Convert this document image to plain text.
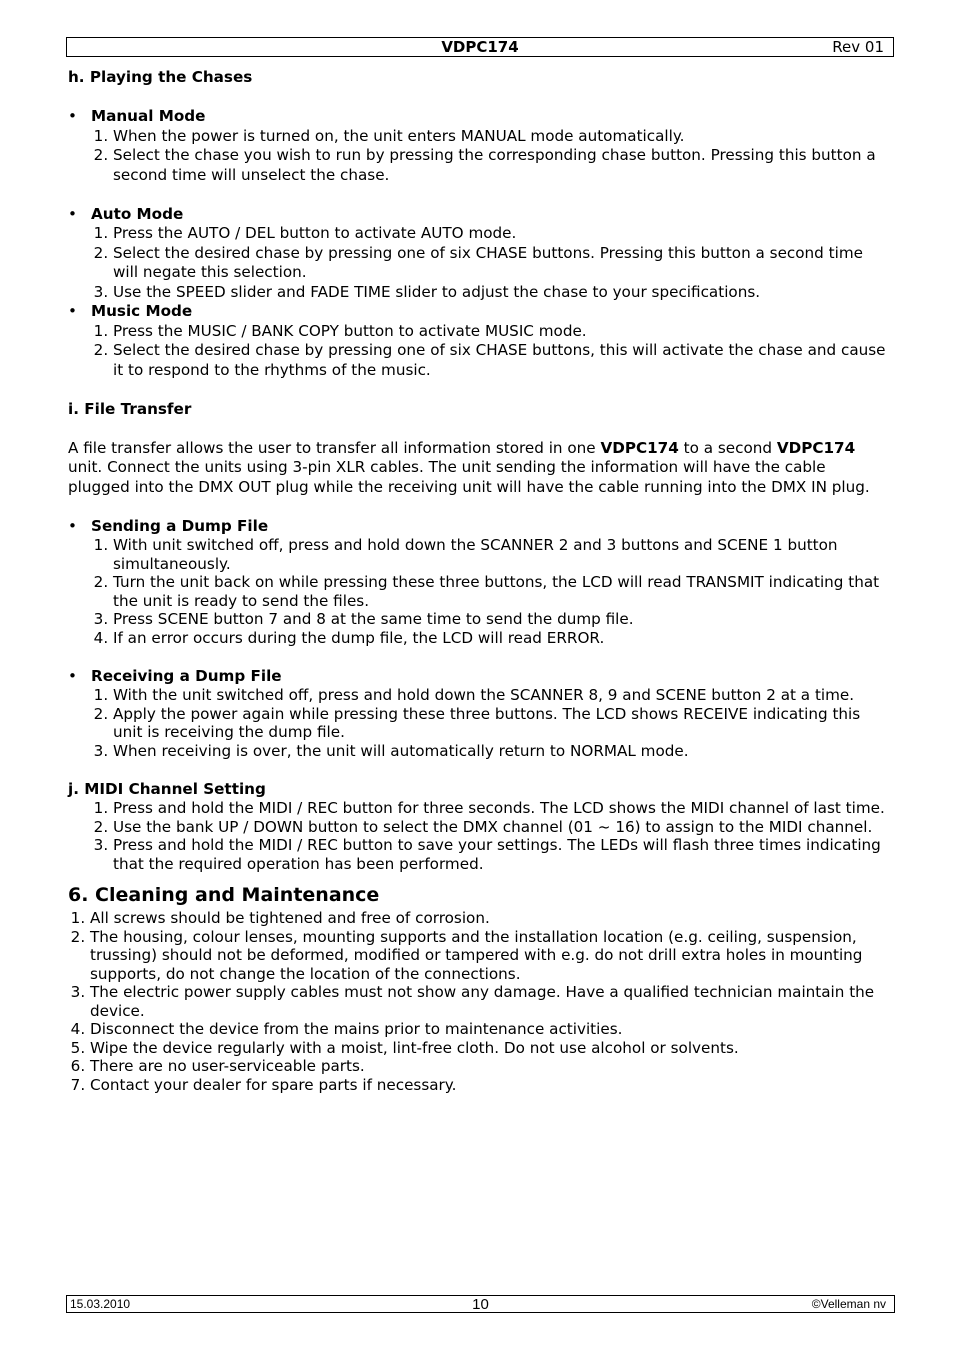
VDPC174	Rev 01
h. Playing the Chases
• Manual Mode
1. When the power is turned on, the unit enters MANUAL mode automatically.
2. Select the chase you wish to run by pressing the corresponding chase button. Pressing this button a second time will unselect the chase.
• Auto Mode
1. Press the AUTO / DEL button to activate AUTO mode.
2. Select the desired chase by pressing one of six CHASE buttons. Pressing this button a second time will negate this selection.
3. Use the SPEED slider and FADE TIME slider to adjust the chase to your specifications.
• Music Mode
1. Press the MUSIC / BANK COPY button to activate MUSIC mode.
2. Select the desired chase by pressing one of six CHASE buttons, this will activate the chase and cause it to respond to the rhythms of the music.
i. File Transfer

A file transfer allows the user to transfer all information stored in one VDPC174 to a second VDPC174 unit. Connect the units using 3-pin XLR cables. The unit sending the information will have the cable plugged into the DMX OUT plug while the receiving unit will have the cable running into the DMX IN plug.

• Sending a Dump File
1. With unit switched off, press and hold down the SCANNER 2 and 3 buttons and SCENE 1 button simultaneously.
2. Turn the unit back on while pressing these three buttons, the LCD will read TRANSMIT indicating that the unit is ready to send the files.
3. Press SCENE button 7 and 8 at the same time to send the dump file.
4. If an error occurs during the dump file, the LCD will read ERROR.
• Receiving a Dump File
1. With the unit switched off, press and hold down the SCANNER 8, 9 and SCENE button 2 at a time.
2. Apply the power again while pressing these three buttons. The LCD shows RECEIVE indicating this unit is receiving the dump file.
3. When receiving is over, the unit will automatically return to NORMAL mode.
j. MIDI Channel Setting
1. Press and hold the MIDI / REC button for three seconds. The LCD shows the MIDI channel of last time.
2. Use the bank UP / DOWN button to select the DMX channel (01 ~ 16) to assign to the MIDI channel.
3. Press and hold the MIDI / REC button to save your settings. The LEDs will flash three times indicating that the required operation has been performed.
6. Cleaning and Maintenance
1. All screws should be tightened and free of corrosion.
2. The housing, colour lenses, mounting supports and the installation location (e.g. ceiling, suspension, trussing) should not be deformed, modified or tampered with e.g. do not drill extra holes in mounting supports, do not change the location of the connections.
3. The electric power supply cables must not show any damage. Have a qualified technician maintain the device.
4. Disconnect the device from the mains prior to maintenance activities.
5. Wipe the device regularly with a moist, lint-free cloth. Do not use alcohol or solvents.
6. There are no user-serviceable parts.
7. Contact your dealer for spare parts if necessary.
15.03.2010	10	©Velleman nv
